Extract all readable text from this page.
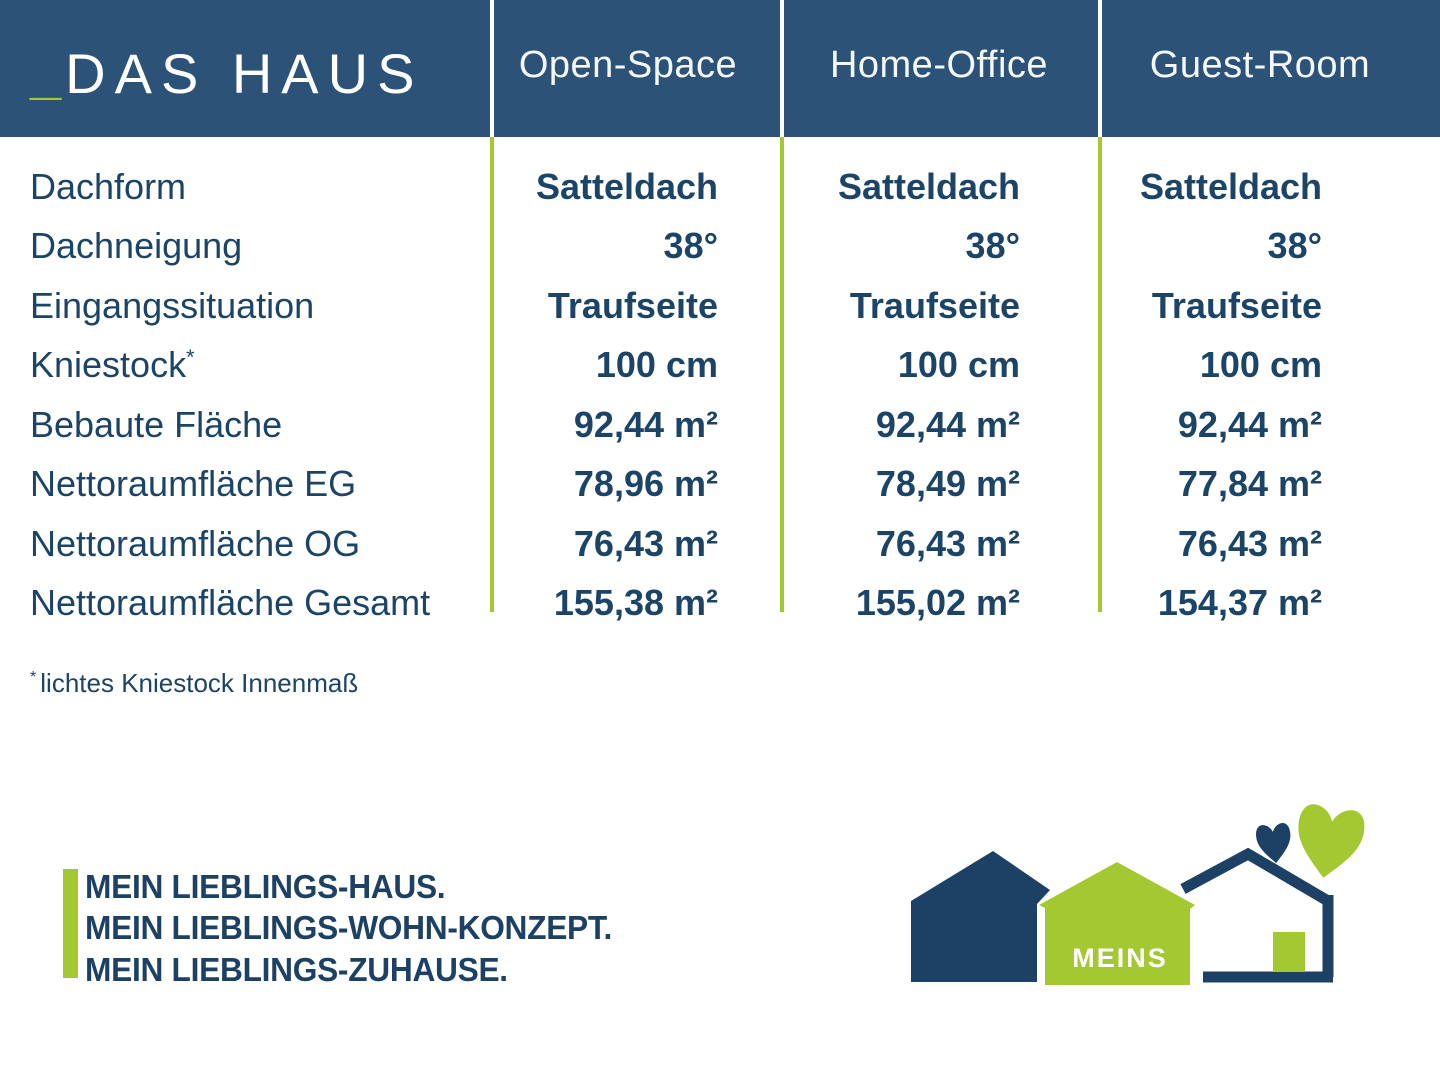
_DAS HAUS	Open-Space	Home-Office	Guest-Room
Dachform	Satteldach	Satteldach	Satteldach
Dachneigung	38°	38°	38°
Eingangssituation	Traufseite	Traufseite	Traufseite
Kniestock*	100 cm	100 cm	100 cm
Bebaute Fläche	92,44 m²	92,44 m²	92,44 m²
Nettoraumfläche EG	78,96 m²	78,49 m²	77,84 m²
Nettoraumfläche OG	76,43 m²	76,43 m²	76,43 m²
Nettoraumfläche Gesamt	155,38 m²	155,02 m²	154,37 m²
* lichtes Kniestock Innenmaß
MEIN LIEBLINGS-HAUS.
MEIN LIEBLINGS-WOHN-KONZEPT.
MEIN LIEBLINGS-ZUHAUSE.	MEINS
